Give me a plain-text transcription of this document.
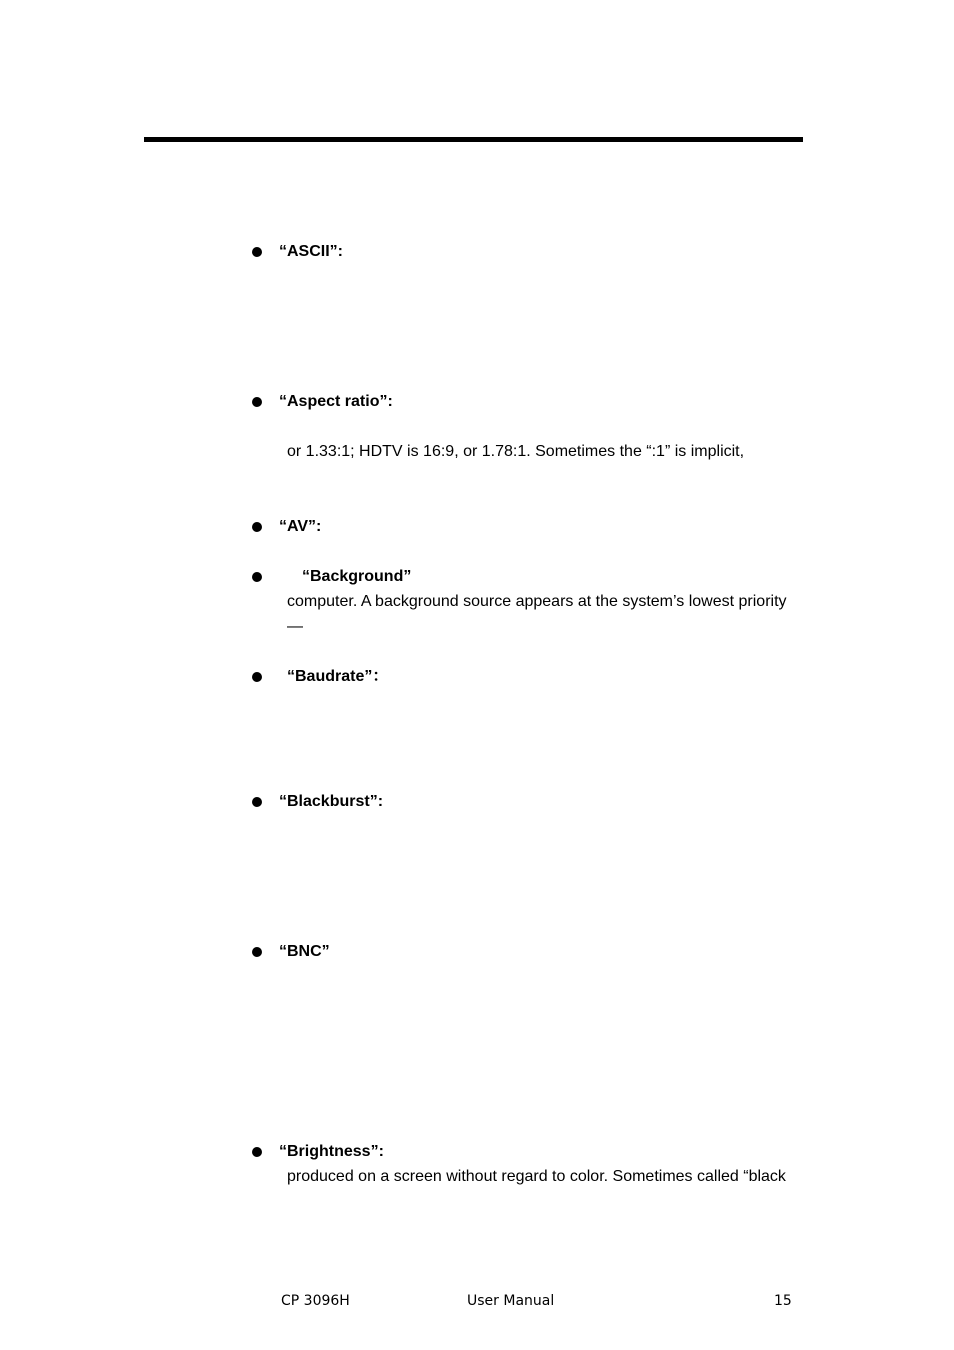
“ASCII”:
“Aspect ratio”:
or 1.33:1; HDTV is 16:9, or 1.78:1. Sometimes the “:1” is implicit,
“AV”:
“Background”
computer. A background source appears at the system’s lowest priority
—
“Baudrate”：
“Blackburst”:
“BNC”
“Brightness”:
produced on a screen without regard to color. Sometimes called “black
CP 3096H	User Manual	15
